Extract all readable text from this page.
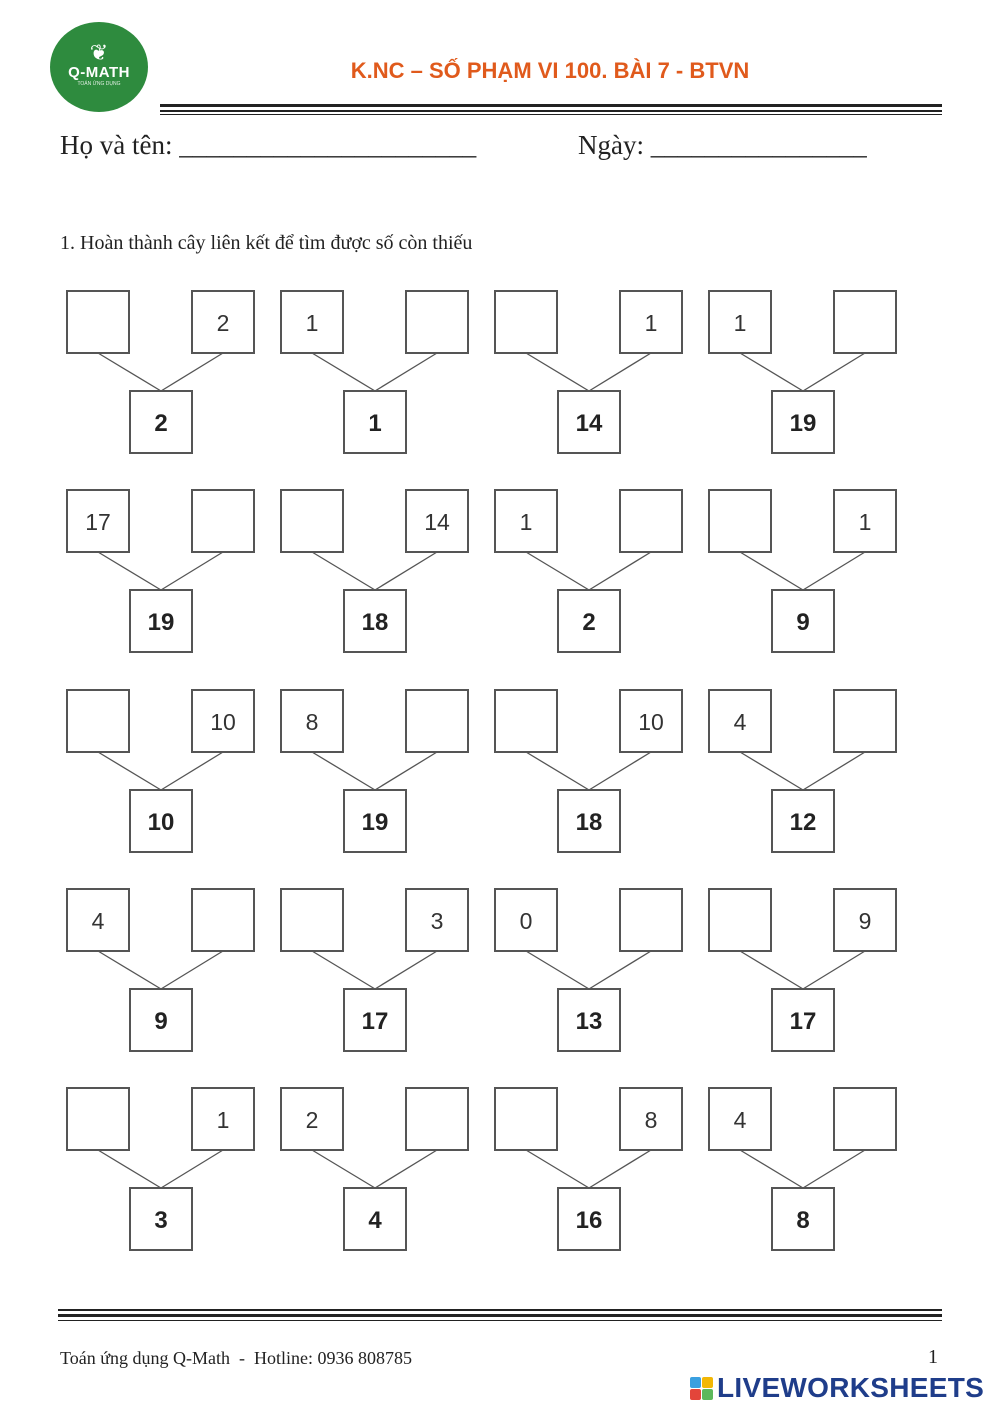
❦
Q-MATH
TOÁN ỨNG DỤNG
K.NC – SỐ PHẠM VI 100. BÀI 7 - BTVN
Họ và tên: ______________________	Ngày: ________________
1. Hoàn thành cây liên kết để tìm được số còn thiếu
2
2
1
1
1
14
1
19
17
19
14
18
1
2
1
9
10
10
8
19
10
18
4
12
4
9
3
17
0
13
9
17
1
3
2
4
8
16
4
8
Toán ứng dụng Q-Math  -  Hotline: 0936 808785	1
LIVEWORKSHEETS
